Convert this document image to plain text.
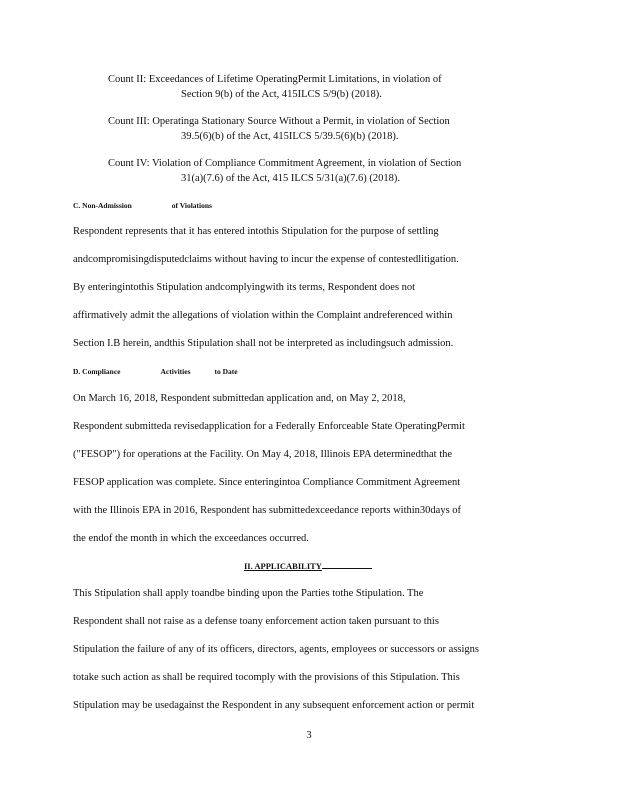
Count II: Exceedances of Lifetime OperatingPermit Limitations, in violation of
Section 9(b) of the Act, 415ILCS 5/9(b) (2018).
Count III: Operatinga Stationary Source Without a Permit, in violation of Section
39.5(6)(b) of the Act, 415ILCS 5/39.5(6)(b) (2018).
Count IV: Violation of Compliance Commitment Agreement, in violation of Section
31(a)(7.6) of the Act, 415 ILCS 5/31(a)(7.6) (2018).
C. Non-Admission	of Violations
Respondent represents that it has entered intothis Stipulation for the purpose of settling
andcompromisingdisputedclaims without having to incur the expense of contestedlitigation.
By enteringintothis Stipulation andcomplyingwith its terms, Respondent does not
affirmatively admit the allegations of violation within the Complaint andreferenced within
Section I.B herein, andthis Stipulation shall not be interpreted as includingsuch admission.
D. Compliance	Activities	to Date
On March 16, 2018, Respondent submittedan application and, on May 2, 2018,
Respondent submitteda revisedapplication for a Federally Enforceable State OperatingPermit
("FESOP") for operations at the Facility. On May 4, 2018, Illinois EPA determinedthat the
FESOP application was complete. Since enteringintoa Compliance Commitment Agreement
with the Illinois EPA in 2016, Respondent has submittedexceedance reports within30days of
the endof the month in which the exceedances occurred.
II. APPLICABILITY
This Stipulation shall apply toandbe binding upon the Parties tothe Stipulation. The
Respondent shall not raise as a defense toany enforcement action taken pursuant to this
Stipulation the failure of any of its officers, directors, agents, employees or successors or assigns
totake such action as shall be required tocomply with the provisions of this Stipulation. This
Stipulation may be usedagainst the Respondent in any subsequent enforcement action or permit
3
